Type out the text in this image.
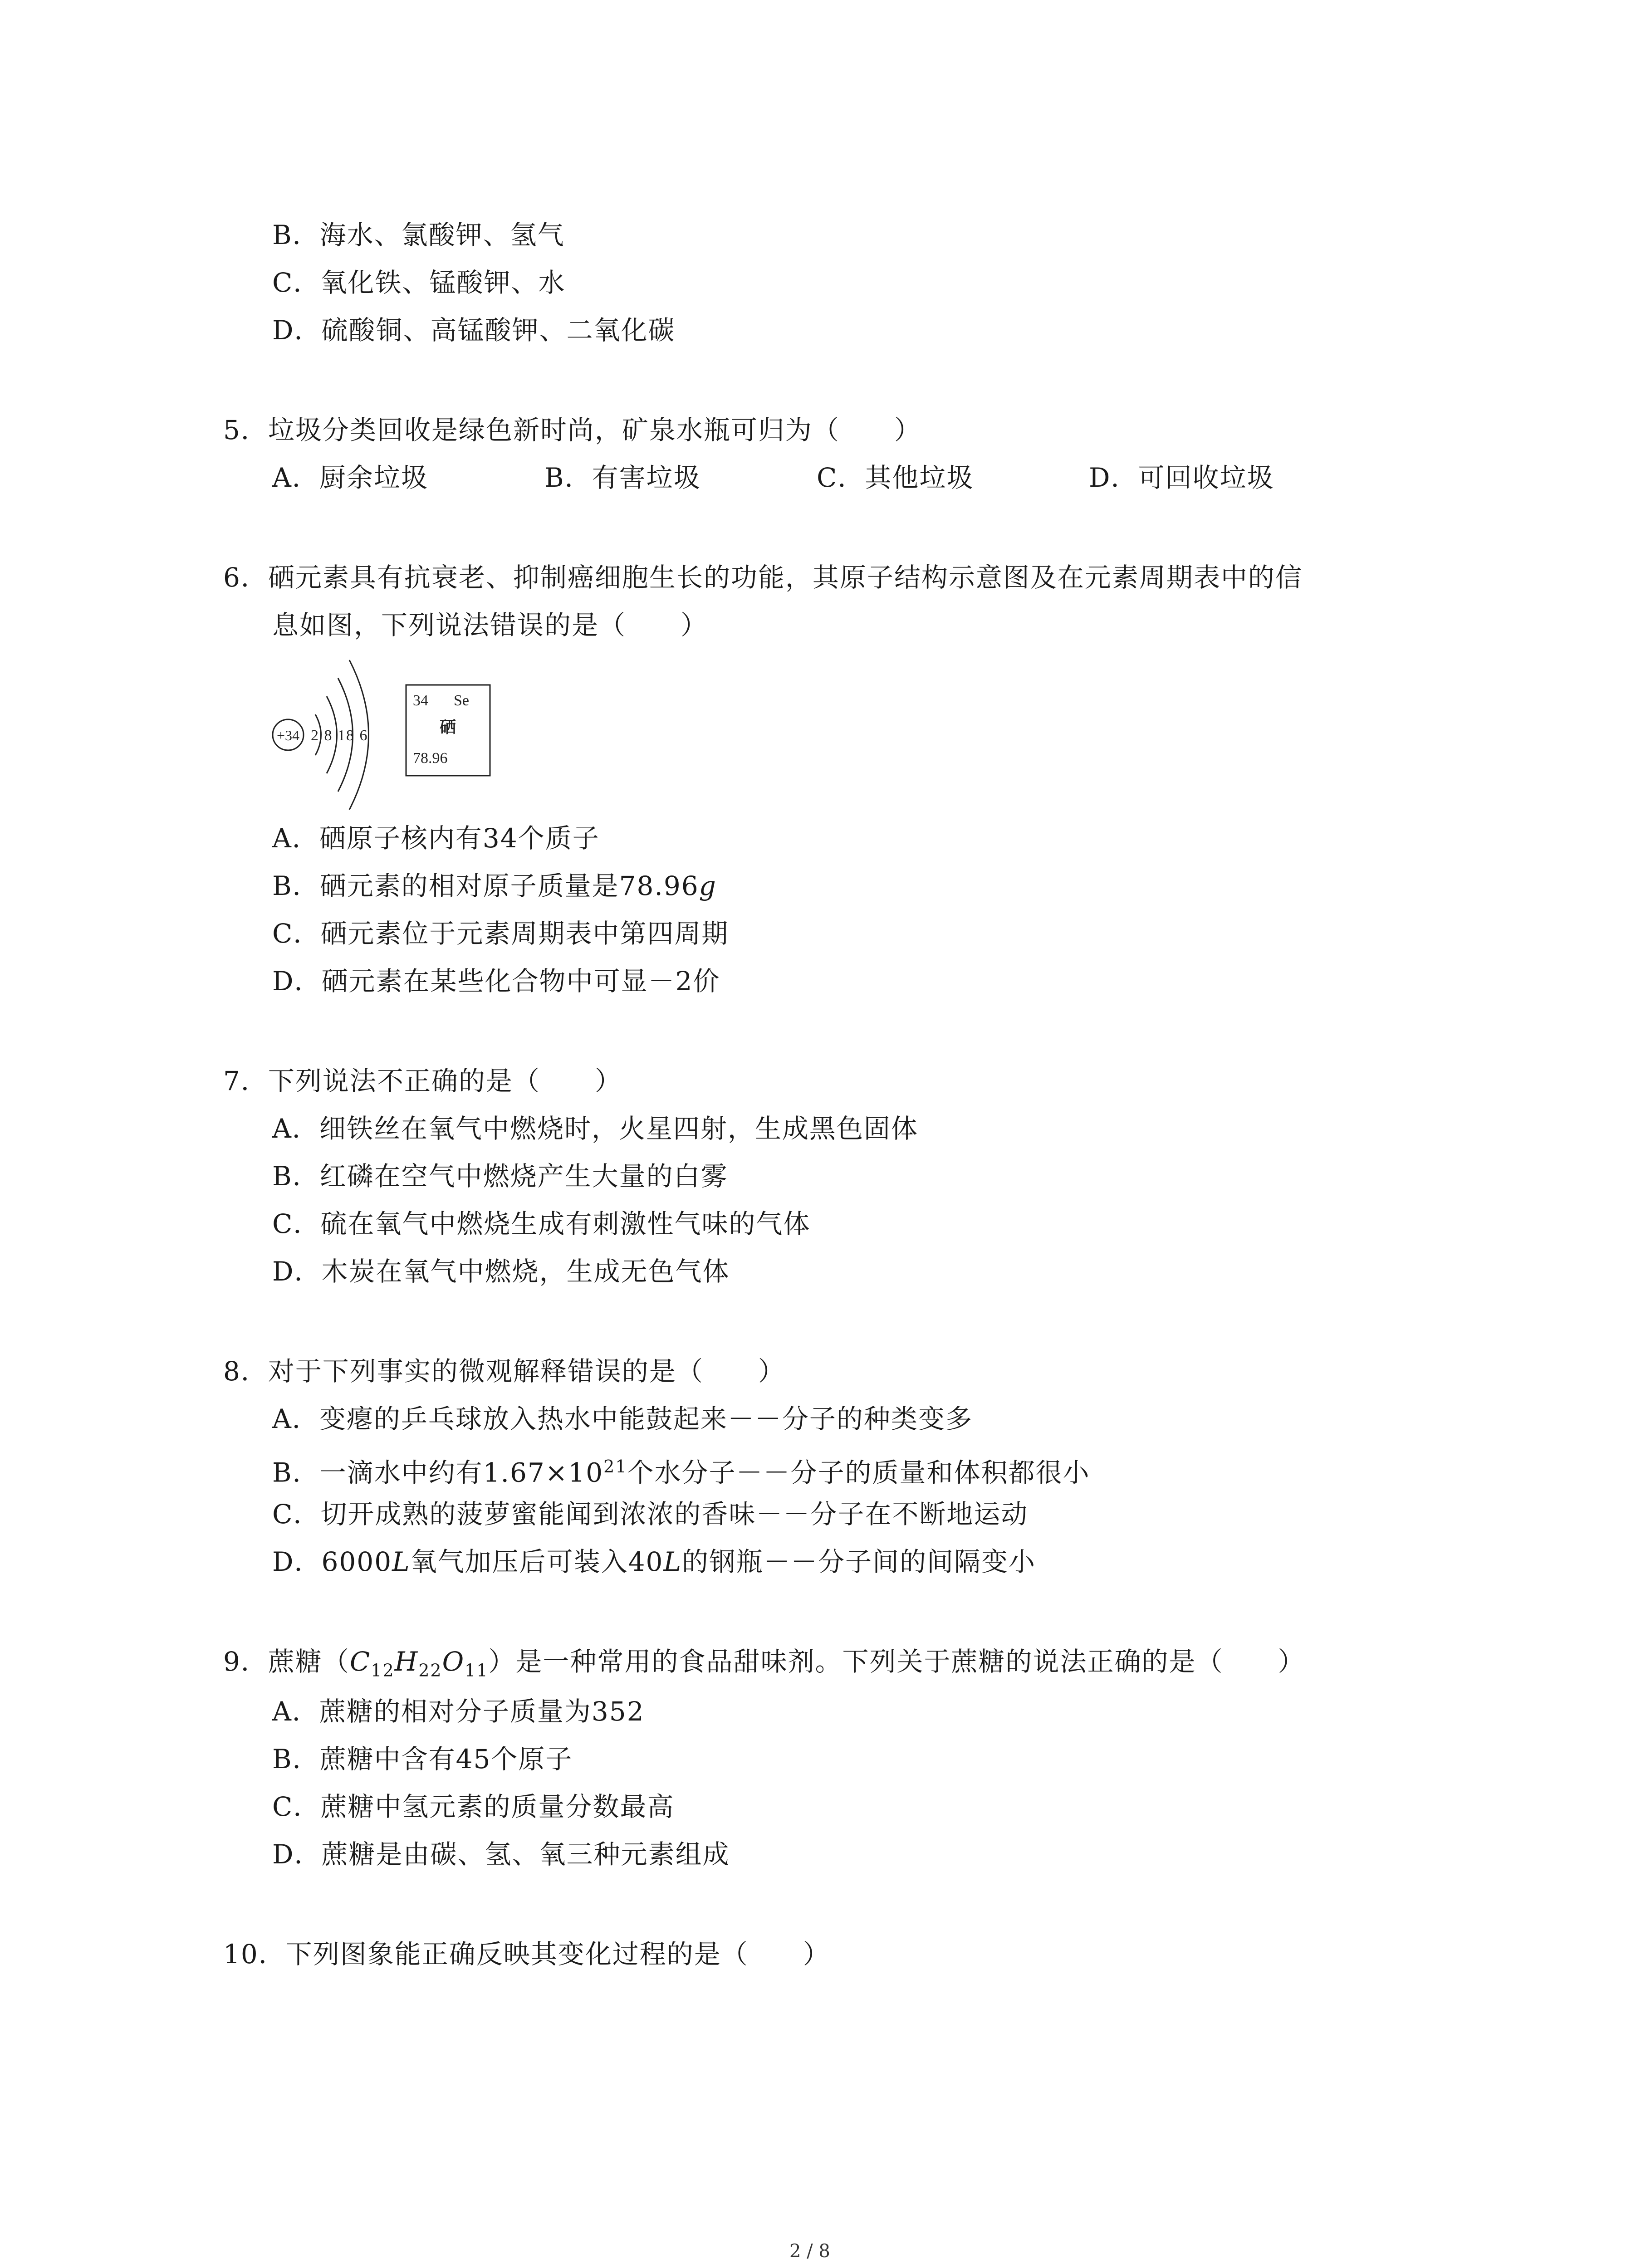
B．海水、氯酸钾、氢气
C．氧化铁、锰酸钾、水
D．硫酸铜、高锰酸钾、二氧化碳
5．垃圾分类回收是绿色新时尚，矿泉水瓶可归为（　　）
A．厨余垃圾	B．有害垃圾	C．其他垃圾	D．可回收垃圾
6．硒元素具有抗衰老、抑制癌细胞生长的功能，其原子结构示意图及在元素周期表中的信
息如图，下列说法错误的是（　　）
+34 2 8 18 6
34 Se
硒
78.96
A．硒原子核内有34个质子
B．硒元素的相对原子质量是78.96g
C．硒元素位于元素周期表中第四周期
D．硒元素在某些化合物中可显－2价
7．下列说法不正确的是（　　）
A．细铁丝在氧气中燃烧时，火星四射，生成黑色固体
B．红磷在空气中燃烧产生大量的白雾
C．硫在氧气中燃烧生成有刺激性气味的气体
D．木炭在氧气中燃烧，生成无色气体
8．对于下列事实的微观解释错误的是（　　）
A．变瘪的乒乓球放入热水中能鼓起来－－分子的种类变多
B．一滴水中约有$1.67\times 10^{21}$个水分子－－分子的质量和体积都很小
C．切开成熟的菠萝蜜能闻到浓浓的香味－－分子在不断地运动
D．6000L氧气加压后可装入40L的钢瓶－－分子间的间隔变小
9．蔗糖$(C_{12}H_{22}O_{11})$是一种常用的食品甜味剂。下列关于蔗糖的说法正确的是（　　）
A．蔗糖的相对分子质量为352
B．蔗糖中含有45个原子
C．蔗糖中氢元素的质量分数最高
D．蔗糖是由碳、氢、氧三种元素组成
10．下列图象能正确反映其变化过程的是（　　）
2 / 8
